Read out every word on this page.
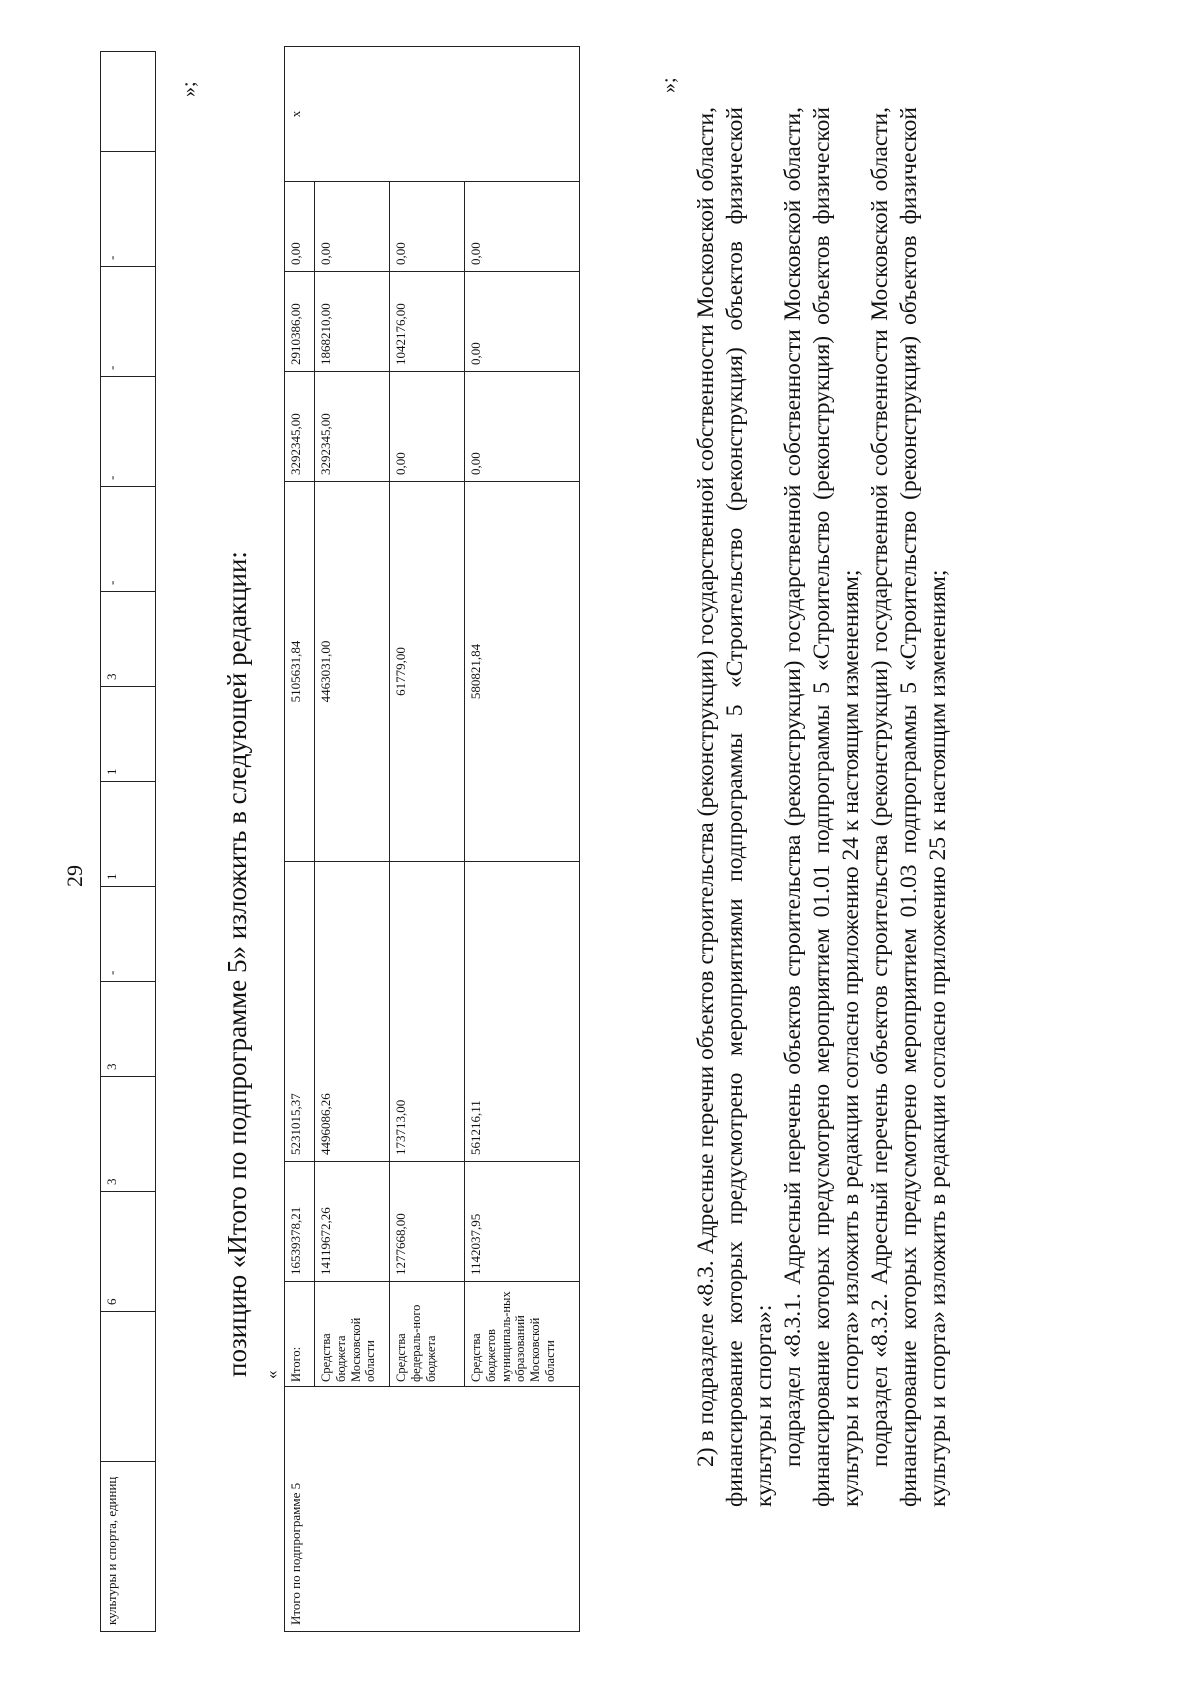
29
культуры и спорта, единиц		6	3	3	-	1	1	3	-	-	-	-	
»;
позицию «Итого по подпрограмме 5» изложить в следующей редакции: «
Итого по подпрограмме 5	Итого:	16539378,21	5231015,37	5105631,84	3292345,00	2910386,00	0,00	x
	Средства бюджета Московской области	14119672,26	4496086,26	4463031,00	3292345,00	1868210,00	0,00	
	Средства федераль-ного бюджета	1277668,00	173713,00	61779,00	0,00	1042176,00	0,00	
	Средства бюджетов муниципаль-ных образований Московской области	1142037,95	561216,11	580821,84	0,00	0,00	0,00	
»;

2) в подразделе «8.3. Адресные перечни объектов строительства (реконструкции) государственной собственности Московской области, финансирование которых предусмотрено мероприятиями подпрограммы 5 «Строительство (реконструкция) объектов физической культуры и спорта»: подраздел «8.3.1. Адресный перечень объектов строительства (реконструкции) государственной собственности Московской области, финансирование которых предусмотрено мероприятием 01.01 подпрограммы 5 «Строительство (реконструкция) объектов физической культуры и спорта» изложить в редакции согласно приложению 24 к настоящим изменениям; подраздел «8.3.2. Адресный перечень объектов строительства (реконструкции) государственной собственности Московской области, финансирование которых предусмотрено мероприятием 01.03 подпрограммы 5 «Строительство (реконструкция) объектов физической культуры и спорта» изложить в редакции согласно приложению 25 к настоящим изменениям;
